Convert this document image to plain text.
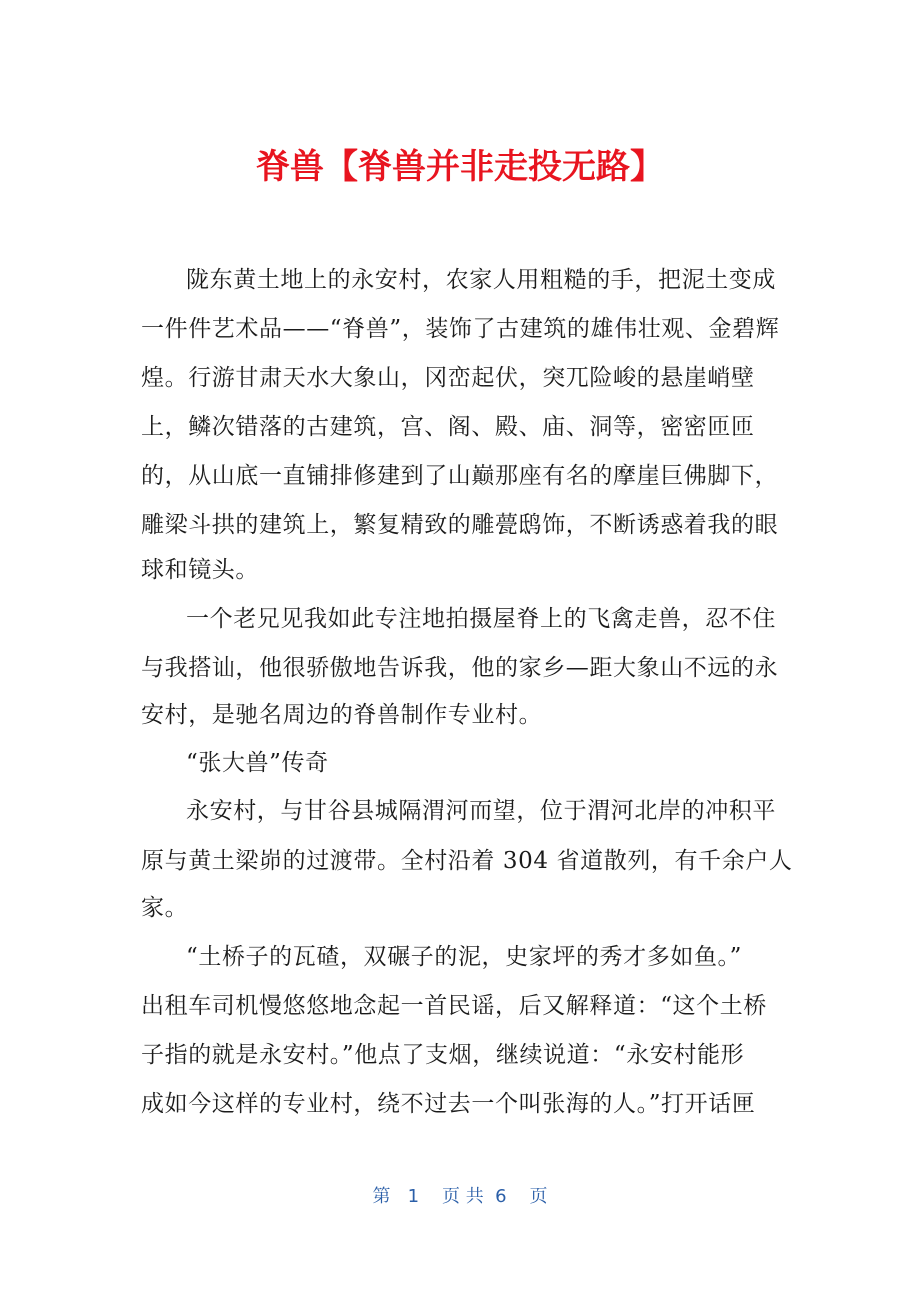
脊兽【脊兽并非走投无路】
陇东黄土地上的永安村，农家人用粗糙的手，把泥土变成
一件件艺术品——“脊兽”，装饰了古建筑的雄伟壮观、金碧辉
煌。行游甘肃天水大象山，冈峦起伏，突兀险峻的悬崖峭壁
上，鳞次错落的古建筑，宫、阁、殿、庙、洞等，密密匝匝
的，从山底一直铺排修建到了山巅那座有名的摩崖巨佛脚下，
雕梁斗拱的建筑上，繁复精致的雕甍鸱饰，不断诱惑着我的眼
球和镜头。
一个老兄见我如此专注地拍摄屋脊上的飞禽走兽，忍不住
与我搭讪，他很骄傲地告诉我，他的家乡—距大象山不远的永
安村，是驰名周边的脊兽制作专业村。
“张大兽”传奇
永安村，与甘谷县城隔渭河而望，位于渭河北岸的冲积平
原与黄土梁峁的过渡带。全村沿着 304 省道散列，有千余户人
家。
“土桥子的瓦碴，双碾子的泥，史家坪的秀才多如鱼。”
出租车司机慢悠悠地念起一首民谣，后又解释道：“这个土桥
子指的就是永安村。”他点了支烟，继续说道：“永安村能形
成如今这样的专业村，绕不过去一个叫张海的人。”打开话匣
第   1    页 共  6    页
